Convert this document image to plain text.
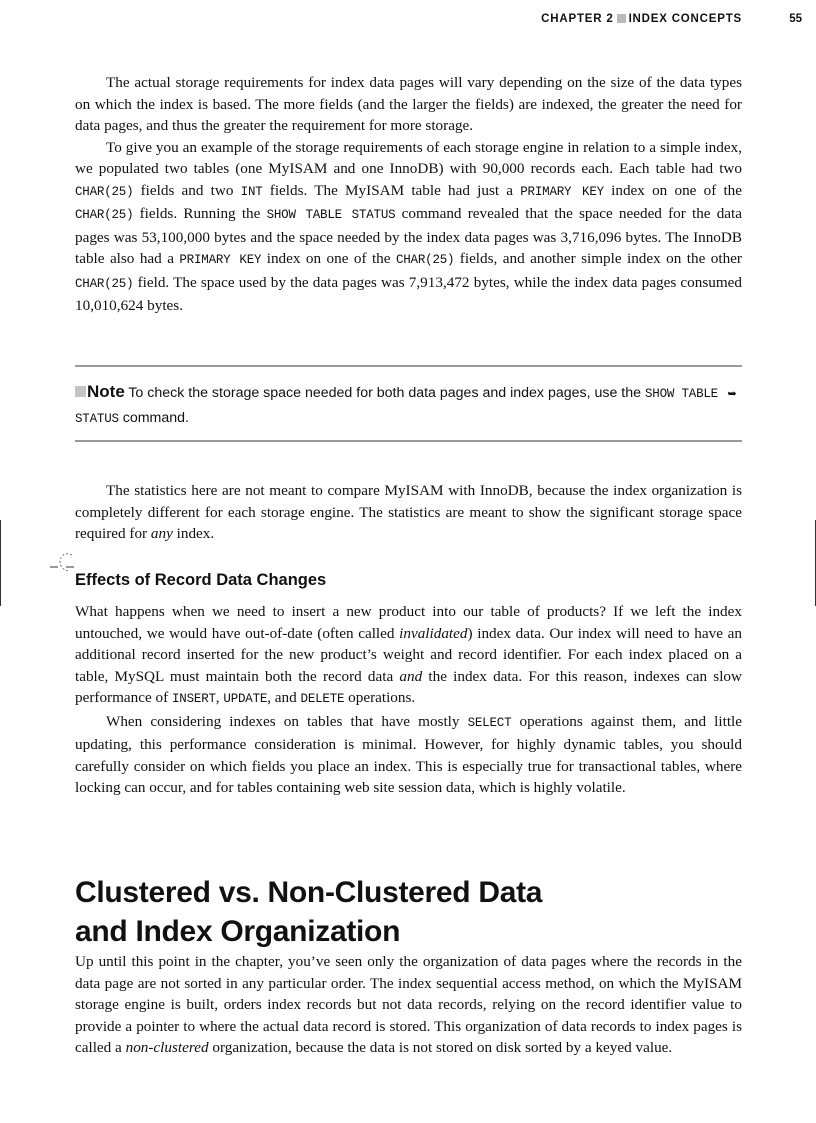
CHAPTER 2 INDEX CONCEPTS	55

The actual storage requirements for index data pages will vary depending on the size of the data types on which the index is based. The more fields (and the larger the fields) are indexed, the greater the need for data pages, and thus the greater the requirement for more storage.

To give you an example of the storage requirements of each storage engine in relation to a simple index, we populated two tables (one MyISAM and one InnoDB) with 90,000 records each. Each table had two CHAR(25) fields and two INT fields. The MyISAM table had just a PRIMARY KEY index on one of the CHAR(25) fields. Running the SHOW TABLE STATUS command revealed that the space needed for the data pages was 53,100,000 bytes and the space needed by the index data pages was 3,716,096 bytes. The InnoDB table also had a PRIMARY KEY index on one of the CHAR(25) fields, and another simple index on the other CHAR(25) field. The space used by the data pages was 7,913,472 bytes, while the index data pages consumed 10,010,624 bytes.

Note To check the storage space needed for both data pages and index pages, use the SHOW TABLE ➥
STATUS command.

The statistics here are not meant to compare MyISAM with InnoDB, because the index organization is completely different for each storage engine. The statistics are meant to show the significant storage space required for any index.

Effects of Record Data Changes

What happens when we need to insert a new product into our table of products? If we left the index untouched, we would have out-of-date (often called invalidated) index data. Our index will need to have an additional record inserted for the new product’s weight and record identifier. For each index placed on a table, MySQL must maintain both the record data and the index data. For this reason, indexes can slow performance of INSERT, UPDATE, and DELETE operations.

When considering indexes on tables that have mostly SELECT operations against them, and little updating, this performance consideration is minimal. However, for highly dynamic tables, you should carefully consider on which fields you place an index. This is especially true for transactional tables, where locking can occur, and for tables containing web site session data, which is highly volatile.

Clustered vs. Non-Clustered Data
and Index Organization

Up until this point in the chapter, you’ve seen only the organization of data pages where the records in the data page are not sorted in any particular order. The index sequential access method, on which the MyISAM storage engine is built, orders index records but not data records, relying on the record identifier value to provide a pointer to where the actual data record is stored. This organization of data records to index pages is called a non-clustered organization, because the data is not stored on disk sorted by a keyed value.
